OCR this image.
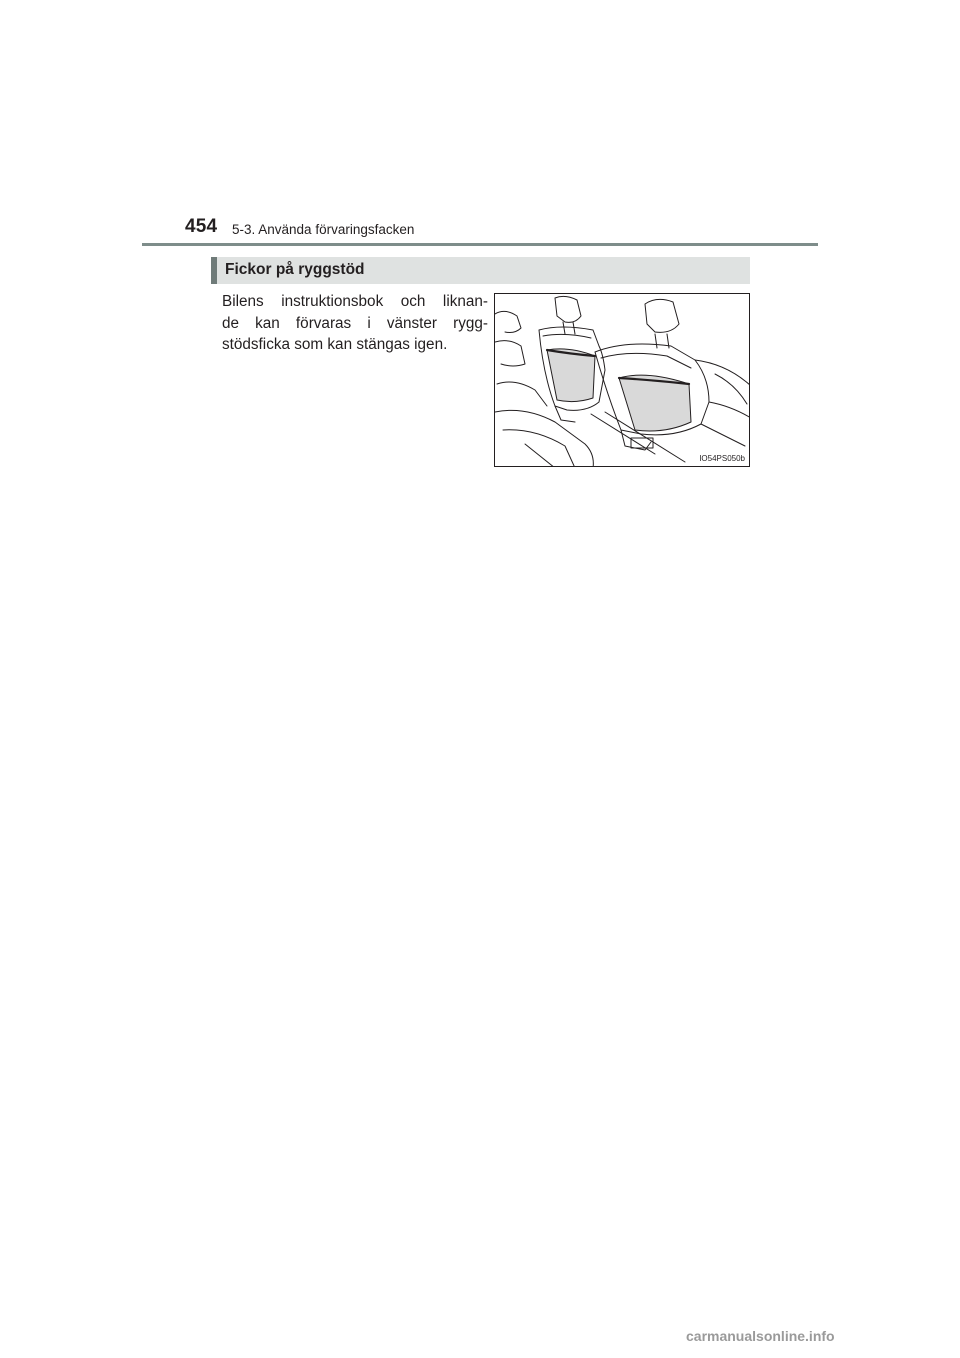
454 5-3. Använda förvaringsfacken
Fickor på ryggstöd
Bilens instruktionsbok och liknan-
de kan förvaras i vänster rygg-
stödsficka som kan stängas igen.
IO54PS050b
carmanualsonline.info
